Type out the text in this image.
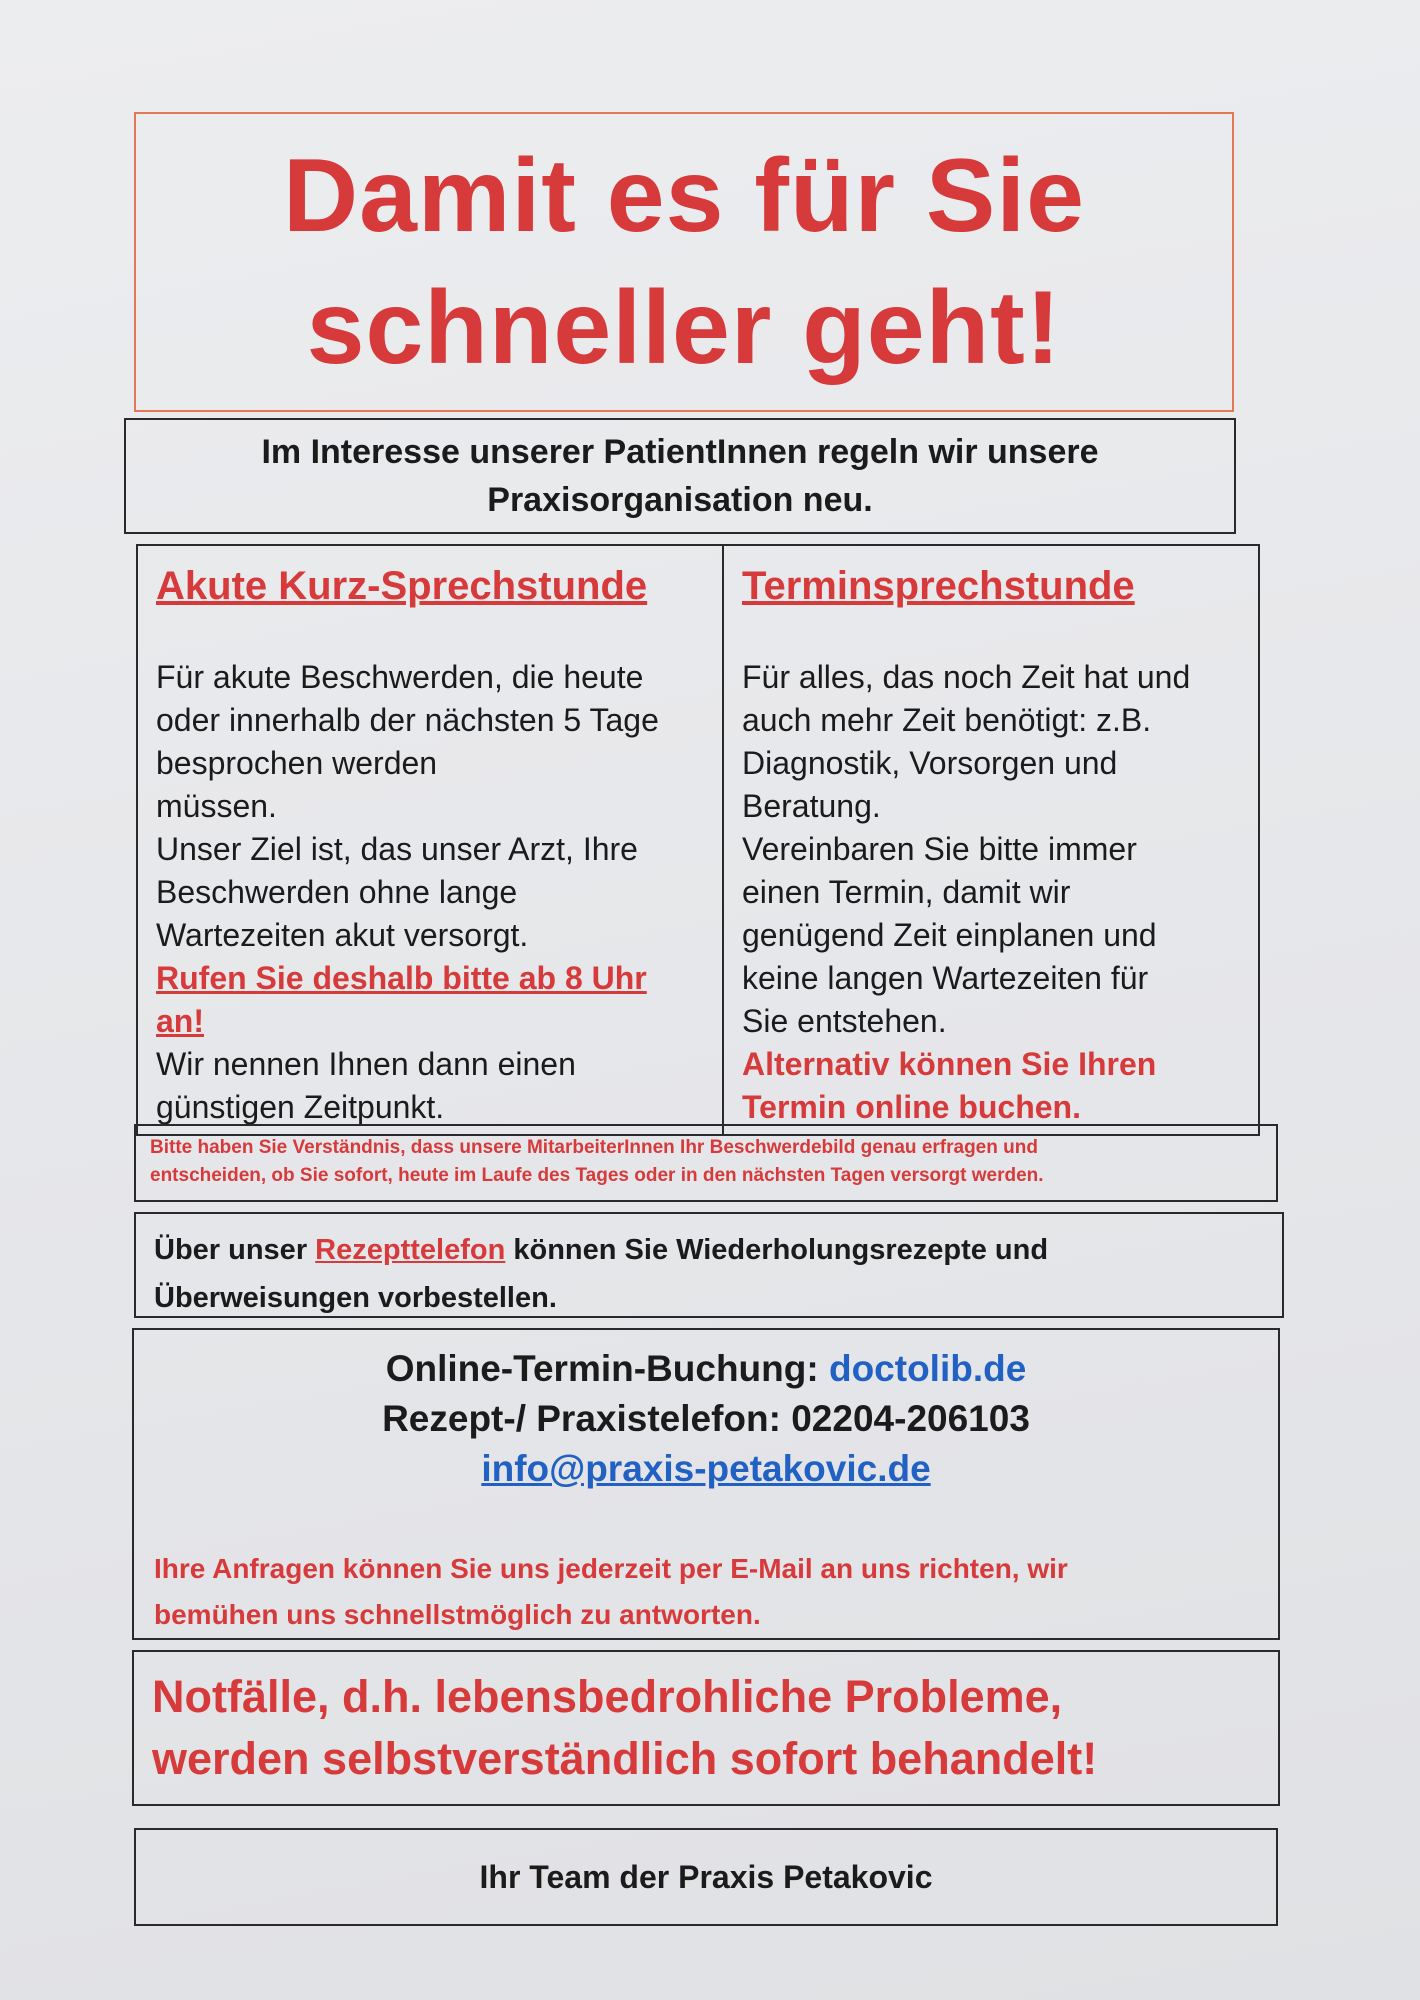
Damit es für Sie
schneller geht!
Im Interesse unserer PatientInnen regeln wir unsere
Praxisorganisation neu.
Akute Kurz-Sprechstunde

Für akute Beschwerden, die heute

oder innerhalb der nächsten 5 Tage

besprochen werden

müssen.

Unser Ziel ist, das unser Arzt, Ihre

Beschwerden ohne lange

Wartezeiten akut versorgt.

Rufen Sie deshalb bitte ab 8 Uhr

an!

Wir nennen Ihnen dann einen

günstigen Zeitpunkt.

Terminsprechstunde

Für alles, das noch Zeit hat und

auch mehr Zeit benötigt: z.B.

Diagnostik, Vorsorgen und

Beratung.

Vereinbaren Sie bitte immer

einen Termin, damit wir

genügend Zeit einplanen und

keine langen Wartezeiten für

Sie entstehen.

Alternativ können Sie Ihren

Termin online buchen.

Bitte haben Sie Verständnis, dass unsere MitarbeiterInnen Ihr Beschwerdebild genau erfragen und
entscheiden, ob Sie sofort, heute im Laufe des Tages oder in den nächsten Tagen versorgt werden.
Über unser Rezepttelefon können Sie Wiederholungsrezepte und
Überweisungen vorbestellen.
Online-Termin-Buchung: doctolib.de
Rezept-/ Praxistelefon: 02204-206103
info@praxis-petakovic.de
Ihre Anfragen können Sie uns jederzeit per E-Mail an uns richten, wir
bemühen uns schnellstmöglich zu antworten.
Notfälle, d.h. lebensbedrohliche Probleme,
werden selbstverständlich sofort behandelt!
Ihr Team der Praxis Petakovic
